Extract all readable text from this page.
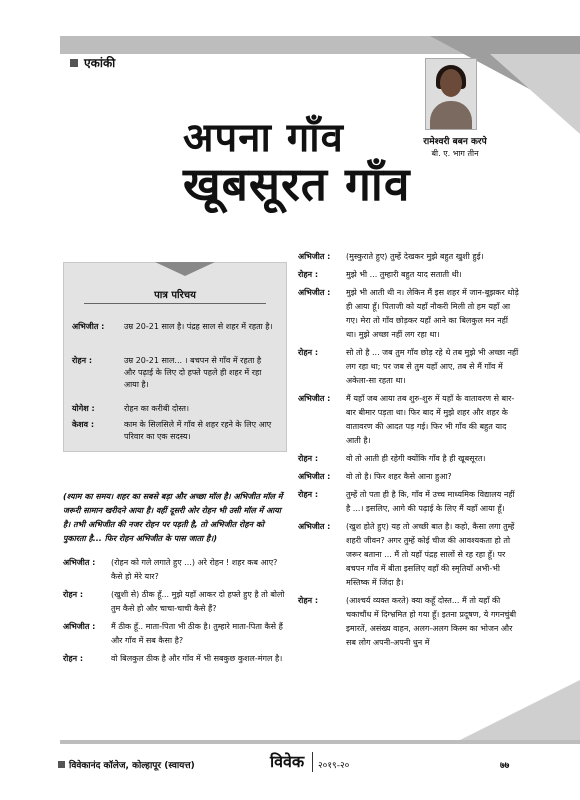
एकांकी
रामेश्वरी बबन करपे
बी. ए. भाग तीन
अपना गाँव
खूबसूरत गाँव
पात्र परिचय
अभिजीत :	उम्र 20-21 साल है। पंद्रह साल से शहर में रहता है।
रोहन :	उम्र 20-21 साल... । बचपन से गाँव में रहता है और पढ़ाई के लिए दो हफ्ते पहले ही शहर में रहा आया है।
योगेश :	रोहन का करीबी दोस्त।
केशव :	काम के सिलसिले में गाँव से शहर रहने के लिए आए परिवार का एक सदस्य।
(श्याम का समय। शहर का सबसे बड़ा और अच्छा मॉल है। अभिजीत मॉल में जरूरी सामान खरीदने आया है। वहीं दूसरी ओर रोहन भी उसी मॉल में आया है। तभी अभिजीत की नजर रोहन पर पड़ती है, तो अभिजीत रोहन को पुकारता है... फिर रोहन अभिजीत के पास जाता है।)
अभिजीत :	(रोहन को गले लगाते हुए ...) अरे रोहन ! शहर कब आए? कैसे हो मेरे यार?
रोहन :	(खुशी से) ठीक हूँ... मुझे यहाँ आकर दो हफ्ते हुए है तो बोलो तुम कैसे हो और चाचा-चाची कैसे हैं?
अभिजीत :	मैं ठीक हूँ.. माता-पिता भी ठीक है। तुम्हारे माता-पिता कैसे हैं और गाँव में सब कैसा है?
रोहन :	वो बिलकुल ठीक है और गाँव में भी सबकुछ कुशल-मंगल है।
अभिजीत :	(मुस्कुराते हुए) तुम्हें देखकर मुझे बहुत खुशी हुई।
रोहन :	मुझे भी ... तुम्हारी बहुत याद सताती थी।
अभिजीत :	मुझे भी आती थी न। लेकिन मैं इस शहर में जान-बूझकर थोड़े ही आया हूँ। पिताजी को यहाँ नौकरी मिली तो हम यहाँ आ गए। मेरा तो गाँव छोड़कर यहाँ आने का बिलकुल मन नहीं था। मुझे अच्छा नहीं लग रहा था।
रोहन :	सो तो है ... जब तुम गाँव छोड़ रहे थे तब मुझे भी अच्छा नहीं लग रहा था; पर जब से तुम यहाँ आए, तब से मैं गाँव में अकेला-सा रहता था।
अभिजीत :	मैं यहाँ जब आया तब शुरु-शुरु में यहाँ के वातावरण से बार-बार बीमार पड़ता था। फिर बाद में मुझे शहर और शहर के वातावरण की आदत पड़ गई। फिर भी गाँव की बहुत याद आती है।
रोहन :	वो तो आती ही रहेगी क्योंकि गाँव है ही खूबसूरत।
अभिजीत :	वो तो है। फिर शहर कैसे आना हुआ?
रोहन :	तुम्हें तो पता ही है कि, गाँव में उच्च माध्यमिक विद्यालय नहीं है ...। इसलिए, आगे की पढ़ाई के लिए मैं यहाँ आया हूँ।
अभिजीत :	(खुश होते हुए) यह तो अच्छी बात है। कहो, कैसा लगा तुम्हें शहरी जीवन? अगर तुम्हें कोई चीज की आवश्यकता हो तो जरूर बताना ... मैं तो यहाँ पंद्रह सालों से रह रहा हूँ। पर बचपन गाँव में बीता इसलिए वहाँ की स्मृतियाँ अभी-भी मस्तिष्क में जिंदा है।
रोहन :	(आश्चर्य व्यक्त करते) क्या कहूँ दोस्त... मैं तो यहाँ की चकाचौंध में दिग्भ्रमित हो गया हूँ। इतना प्रदूषण, ये गगनचुंबी इमारतें, असंख्य वाहन, अलग-अलग किस्म का भोजन और सब लोग अपनी-अपनी धुन में
विवेकानंद कॉलेज, कोल्हापूर (स्वायत्त)	विवेक २०१९-२०	७७
